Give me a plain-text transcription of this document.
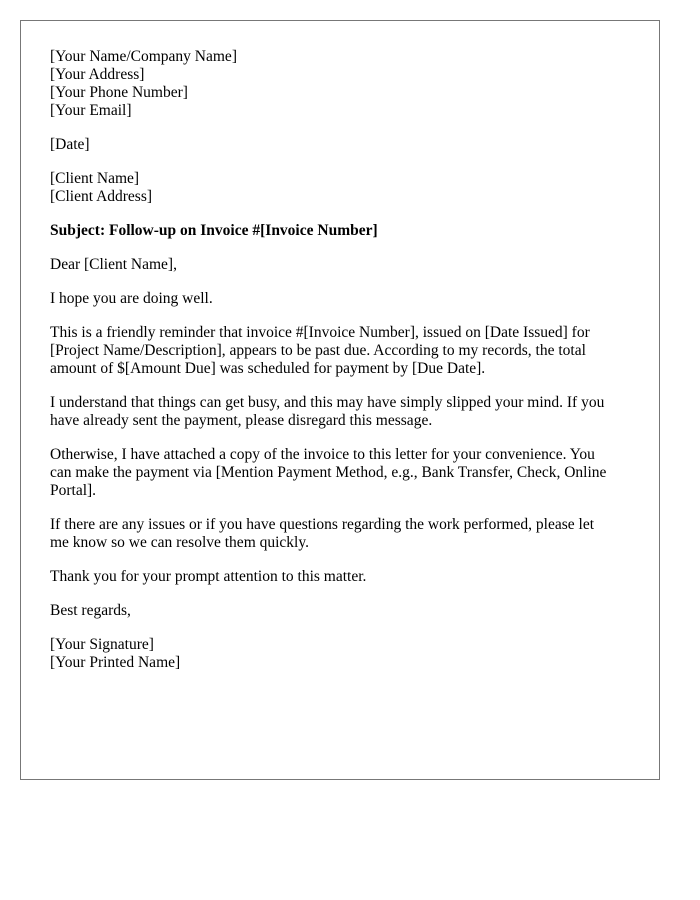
[Your Name/Company Name]
[Your Address]
[Your Phone Number]
[Your Email]
[Date]
[Client Name]
[Client Address]
Subject: Follow-up on Invoice #[Invoice Number]
Dear [Client Name],
I hope you are doing well.
This is a friendly reminder that invoice #[Invoice Number], issued on [Date Issued] for
[Project Name/Description], appears to be past due. According to my records, the total
amount of $[Amount Due] was scheduled for payment by [Due Date].
I understand that things can get busy, and this may have simply slipped your mind. If you
have already sent the payment, please disregard this message.
Otherwise, I have attached a copy of the invoice to this letter for your convenience. You
can make the payment via [Mention Payment Method, e.g., Bank Transfer, Check, Online
Portal].
If there are any issues or if you have questions regarding the work performed, please let
me know so we can resolve them quickly.
Thank you for your prompt attention to this matter.
Best regards,
[Your Signature]
[Your Printed Name]
